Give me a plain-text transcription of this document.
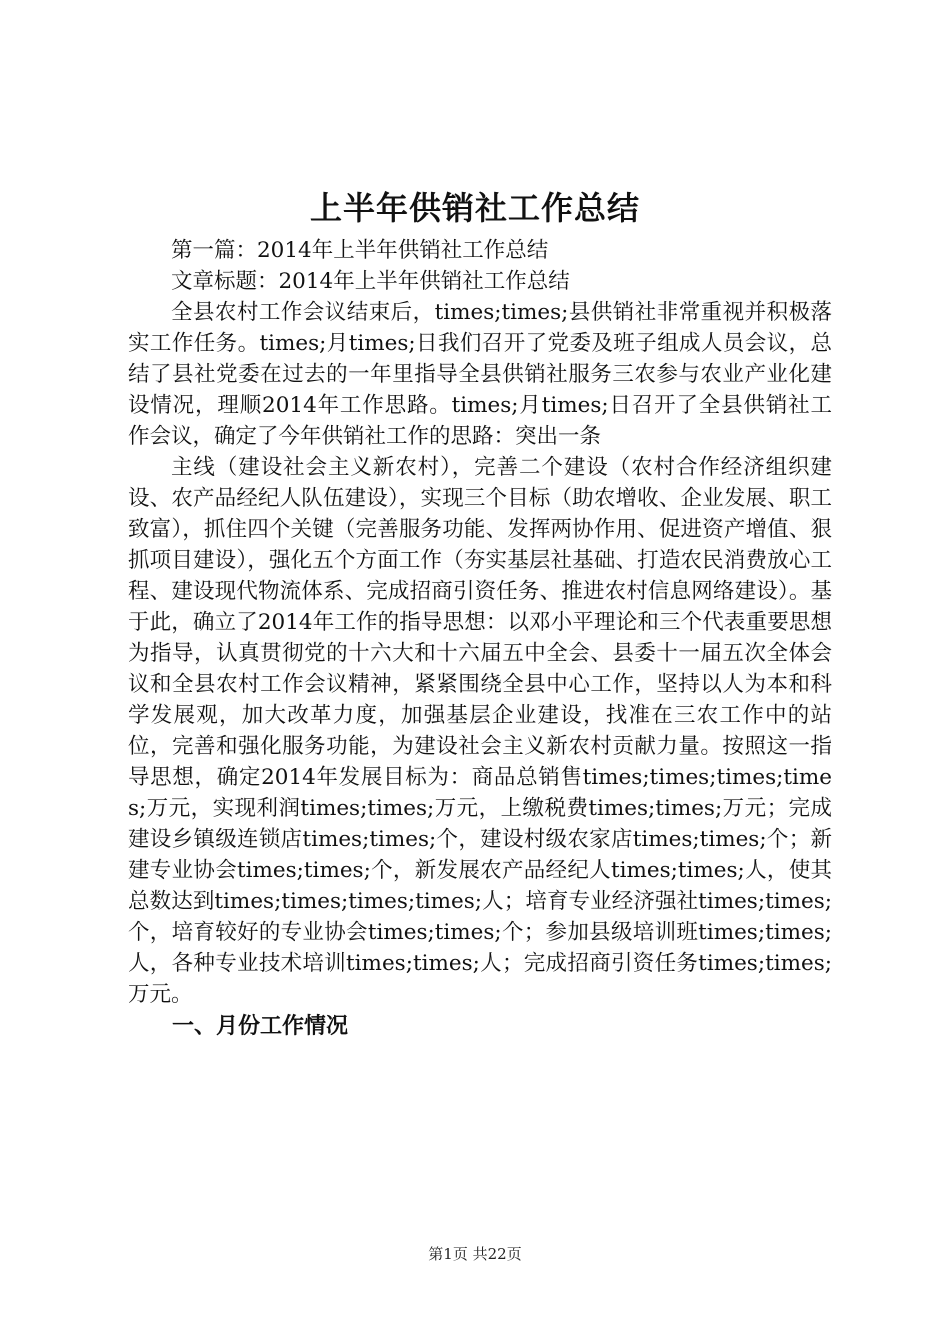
上半年供销社工作总结

第一篇：2014年上半年供销社工作总结

文章标题：2014年上半年供销社工作总结

全县农村工作会议结束后，times;times;县供销社非常重视并积极落实工作任务。times;月times;日我们召开了党委及班子组成人员会议，总结了县社党委在过去的一年里指导全县供销社服务三农参与农业产业化建设情况，理顺2014年工作思路。times;月times;日召开了全县供销社工作会议，确定了今年供销社工作的思路：突出一条

主线（建设社会主义新农村），完善二个建设（农村合作经济组织建设、农产品经纪人队伍建设），实现三个目标（助农增收、企业发展、职工致富），抓住四个关键（完善服务功能、发挥两协作用、促进资产增值、狠抓项目建设），强化五个方面工作（夯实基层社基础、打造农民消费放心工程、建设现代物流体系、完成招商引资任务、推进农村信息网络建设）。基于此，确立了2014年工作的指导思想：以邓小平理论和三个代表重要思想为指导，认真贯彻党的十六大和十六届五中全会、县委十一届五次全体会议和全县农村工作会议精神，紧紧围绕全县中心工作，坚持以人为本和科学发展观，加大改革力度，加强基层企业建设，找准在三农工作中的站位，完善和强化服务功能，为建设社会主义新农村贡献力量。按照这一指导思想，确定2014年发展目标为：商品总销售times;times;times;times;万元，实现利润times;times;万元，上缴税费times;times;万元；完成建设乡镇级连锁店times;times;个，建设村级农家店times;times;个；新建专业协会times;times;个，新发展农产品经纪人times;times;人，使其总数达到times;times;times;times;人；培育专业经济强社times;times;个，培育较好的专业协会times;times;个；参加县级培训班times;times;人，各种专业技术培训times;times;人；完成招商引资任务times;times;万元。

一、月份工作情况

第1页 共22页
